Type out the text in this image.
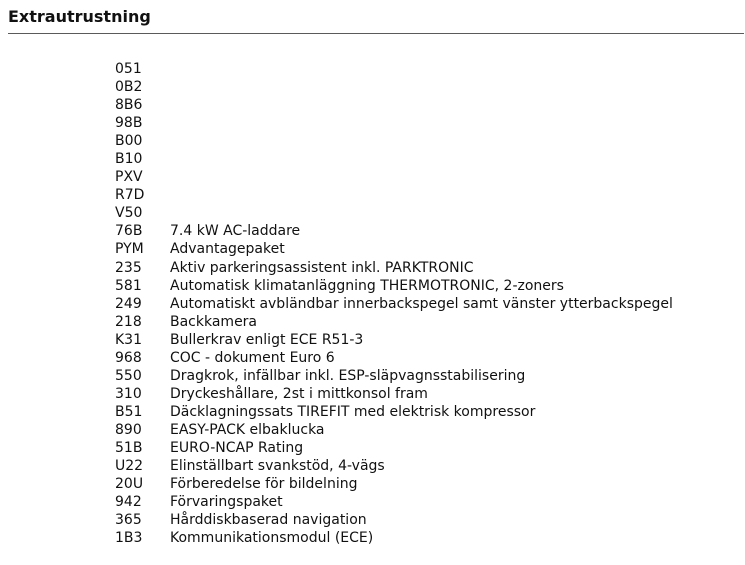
Extrautrustning
051
0B2
8B6
98B
B00
B10
PXV
R7D
V50
76B	7.4 kW AC-laddare
PYM	Advantagepaket
235	Aktiv parkeringsassistent inkl. PARKTRONIC
581	Automatisk klimatanläggning THERMOTRONIC, 2-zoners
249	Automatiskt avbländbar innerbackspegel samt vänster ytterbackspegel
218	Backkamera
K31	Bullerkrav enligt ECE R51-3
968	COC - dokument Euro 6
550	Dragkrok, infällbar inkl. ESP-släpvagnsstabilisering
310	Dryckeshållare, 2st i mittkonsol fram
B51	Däcklagningssats TIREFIT med elektrisk kompressor
890	EASY-PACK elbaklucka
51B	EURO-NCAP Rating
U22	Elinställbart svankstöd, 4-vägs
20U	Förberedelse för bildelning
942	Förvaringspaket
365	Hårddiskbaserad navigation
1B3	Kommunikationsmodul (ECE)
